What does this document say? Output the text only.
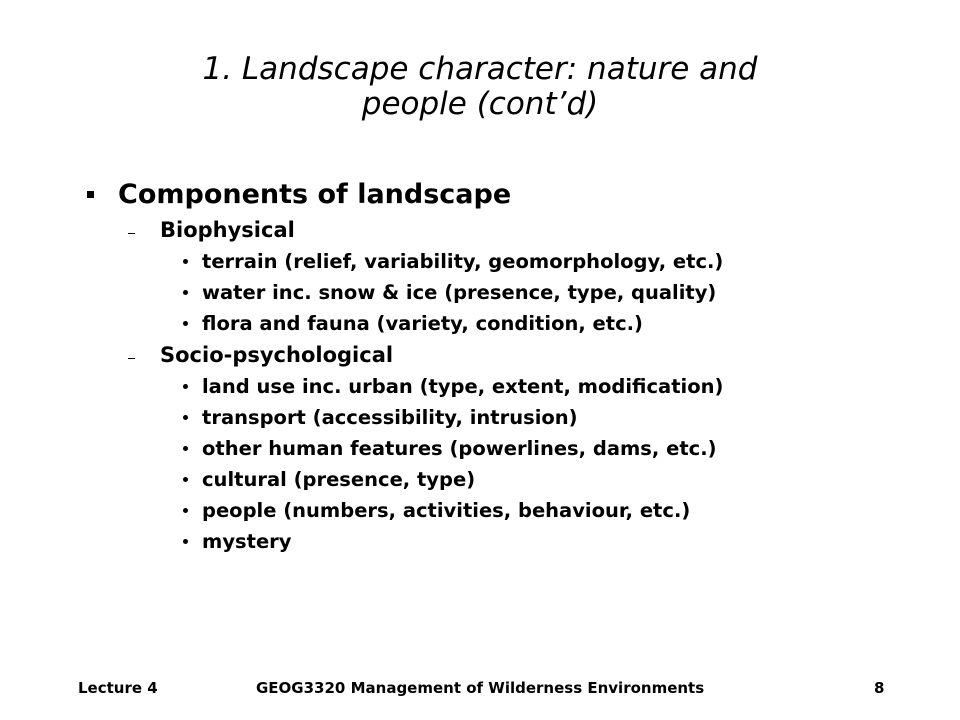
1. Landscape character: nature and
people (cont’d)
Components of landscape
Biophysical
terrain (relief, variability, geomorphology, etc.)
water inc. snow & ice (presence, type, quality)
flora and fauna (variety, condition, etc.)
Socio-psychological
land use inc. urban (type, extent, modification)
transport (accessibility, intrusion)
other human features (powerlines, dams, etc.)
cultural (presence, type)
people (numbers, activities, behaviour, etc.)
mystery
Lecture 4	GEOG3320 Management of Wilderness Environments	8
